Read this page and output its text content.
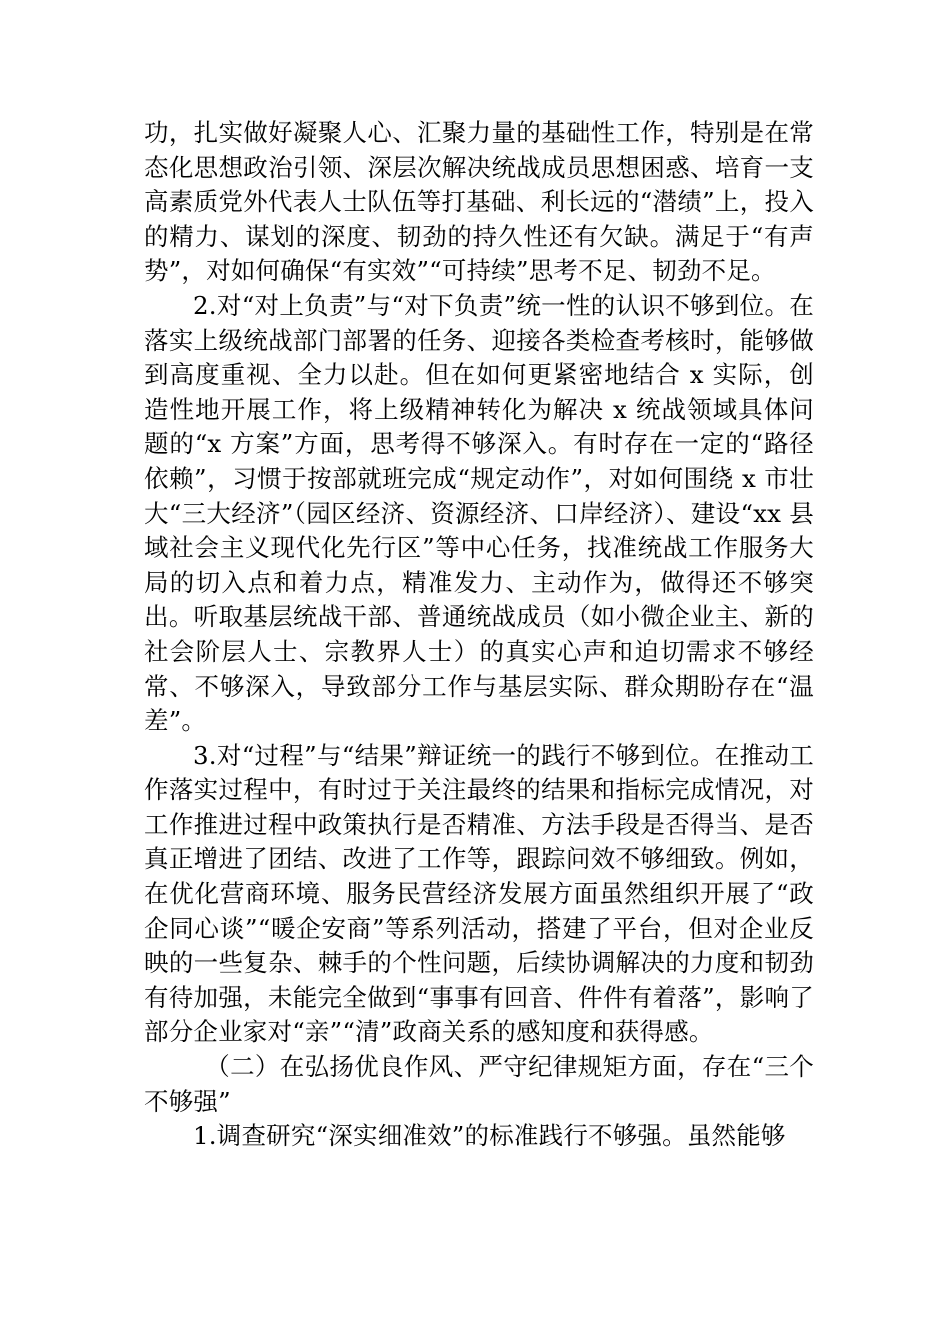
功，扎实做好凝聚人心、汇聚力量的基础性工作，特别是在常态化思想政治引领、深层次解决统战成员思想困惑、培育一支高素质党外代表人士队伍等打基础、利长远的“潜绩”上，投入的精力、谋划的深度、韧劲的持久性还有欠缺。满足于“有声势”，对如何确保“有实效”“可持续”思考不足、韧劲不足。

2.对“对上负责”与“对下负责”统一性的认识不够到位。在落实上级统战部门部署的任务、迎接各类检查考核时，能够做到高度重视、全力以赴。但在如何更紧密地结合 x 实际，创造性地开展工作，将上级精神转化为解决 x 统战领域具体问题的“x 方案”方面，思考得不够深入。有时存在一定的“路径依赖”，习惯于按部就班完成“规定动作”，对如何围绕 x 市壮大“三大经济”（园区经济、资源经济、口岸经济）、建设“xx 县域社会主义现代化先行区”等中心任务，找准统战工作服务大局的切入点和着力点，精准发力、主动作为，做得还不够突出。听取基层统战干部、普通统战成员（如小微企业主、新的社会阶层人士、宗教界人士）的真实心声和迫切需求不够经常、不够深入，导致部分工作与基层实际、群众期盼存在“温差”。

3.对“过程”与“结果”辩证统一的践行不够到位。在推动工作落实过程中，有时过于关注最终的结果和指标完成情况，对工作推进过程中政策执行是否精准、方法手段是否得当、是否真正增进了团结、改进了工作等，跟踪问效不够细致。例如，在优化营商环境、服务民营经济发展方面虽然组织开展了“政企同心谈”“暖企安商”等系列活动，搭建了平台，但对企业反映的一些复杂、棘手的个性问题，后续协调解决的力度和韧劲有待加强，未能完全做到“事事有回音、件件有着落”，影响了部分企业家对“亲”“清”政商关系的感知度和获得感。

（二）在弘扬优良作风、严守纪律规矩方面，存在“三个不够强”

1.调查研究“深实细准效”的标准践行不够强。虽然能够
